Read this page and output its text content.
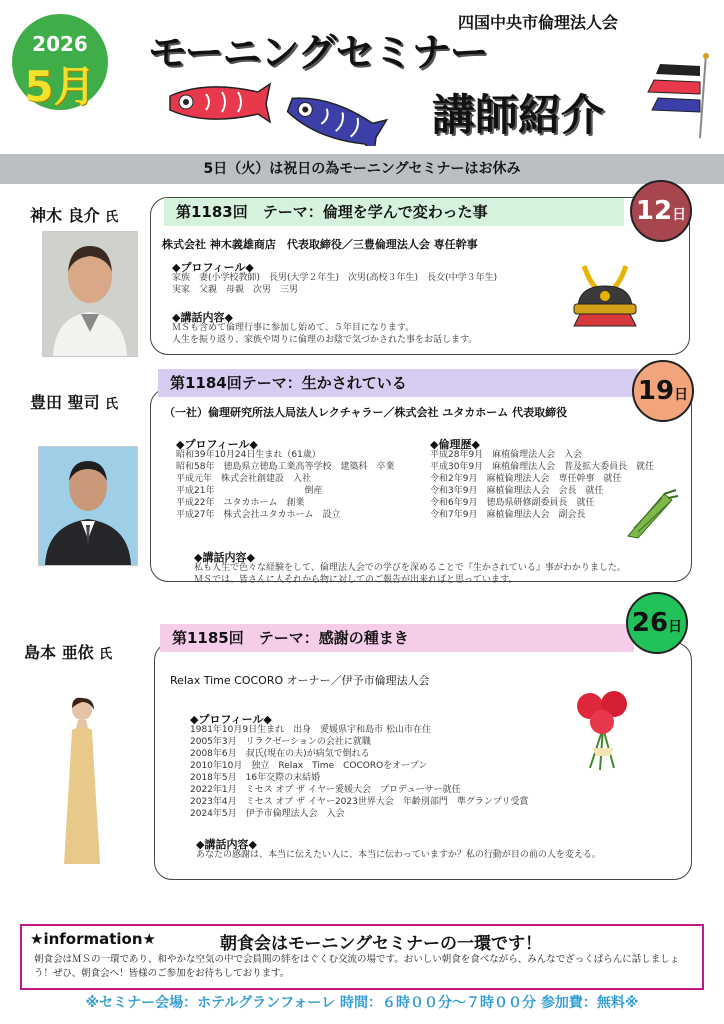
2026
5月
四国中央市倫理法人会
モーニングセミナー
講師紹介
5日（火）は祝日の為モーニングセミナーはお休み
神木 良介 氏	第1183回　テーマ：倫理を学んで変わった事	12日
株式会社 神木義雄商店　代表取締役／三豊倫理法人会 専任幹事
◆プロフィール◆
家族　妻(小学校教師)　長男(大学２年生)　次男(高校３年生)　長女(中学３年生)
実家　父親　母親　次男　三男
◆講話内容◆
ＭＳも含めて倫理行事に参加し始めて、５年目になります。
人生を振り返り、家族や周りに倫理のお陰で気づかされた事をお話します。
豊田 聖司 氏
第1184回テーマ：生かされている	19日
（一社）倫理研究所法人局法人レクチャラー／株式会社 ユタカホーム 代表取締役
◆プロフィール◆
昭和39年10月24日生まれ（61歳）
昭和58年　徳島県立徳島工業高等学校　建築科　卒業
平成元年　株式会社創建設　入社
平成21年　　　　　　　　　　倒産
平成22年　ユタカホーム　創業
平成27年　株式会社ユタカホーム　設立
◆倫理歴◆
平成28年9月　麻植倫理法人会　入会
平成30年9月　麻植倫理法人会　普及拡大委員長　就任
令和2年9月　麻植倫理法人会　専任幹事　就任
令和3年9月　麻植倫理法人会　会長　就任
令和6年9月　徳島県研修副委員長　就任
令和7年9月　麻植倫理法人会　副会長
◆講話内容◆
私も人生で色々な経験をして、倫理法人会での学びを深めることで『生かされている』事がわかりました。
ＭＳでは、皆さんに人それから物に対してのご報告が出来ればと思っています。
島本 亜依 氏
第1185回　テーマ：感謝の種まき	26日
Relax Time COCORO オーナー／伊予市倫理法人会
◆プロフィール◆
1981年10月9日生まれ　出身　愛媛県宇和島市 松山市在住
2005年3月　リラクゼーションの会社に就職
2008年6月　叔氏(現在の夫)が病気で倒れる
2010年10月　独立　Relax　Time　COCOROをオープン
2018年5月　16年交際の末結婚
2022年1月　ミセス オブ ザ イヤー愛媛大会　プロデューサー就任
2023年4月　ミセス オブ ザ イヤー2023世界大会　年齢別部門　準グランプリ受賞
2024年5月　伊予市倫理法人会　入会
◆講話内容◆
あなたの感謝は、本当に伝えたい人に、本当に伝わっていますか？私の行動が目の前の人を変える。
★information★	朝食会はモーニングセミナーの一環です！
朝食会はＭＳの一環であり、和やかな空気の中で会員間の絆をはぐくむ交流の場です。おいしい朝食を食べながら、みんなでざっくばらんに話しましょう！ぜひ、朝食会へ！皆様のご参加をお待ちしております。
※セミナー会場：ホテルグランフォーレ 時間：６時００分～７時００分 参加費：無料※
